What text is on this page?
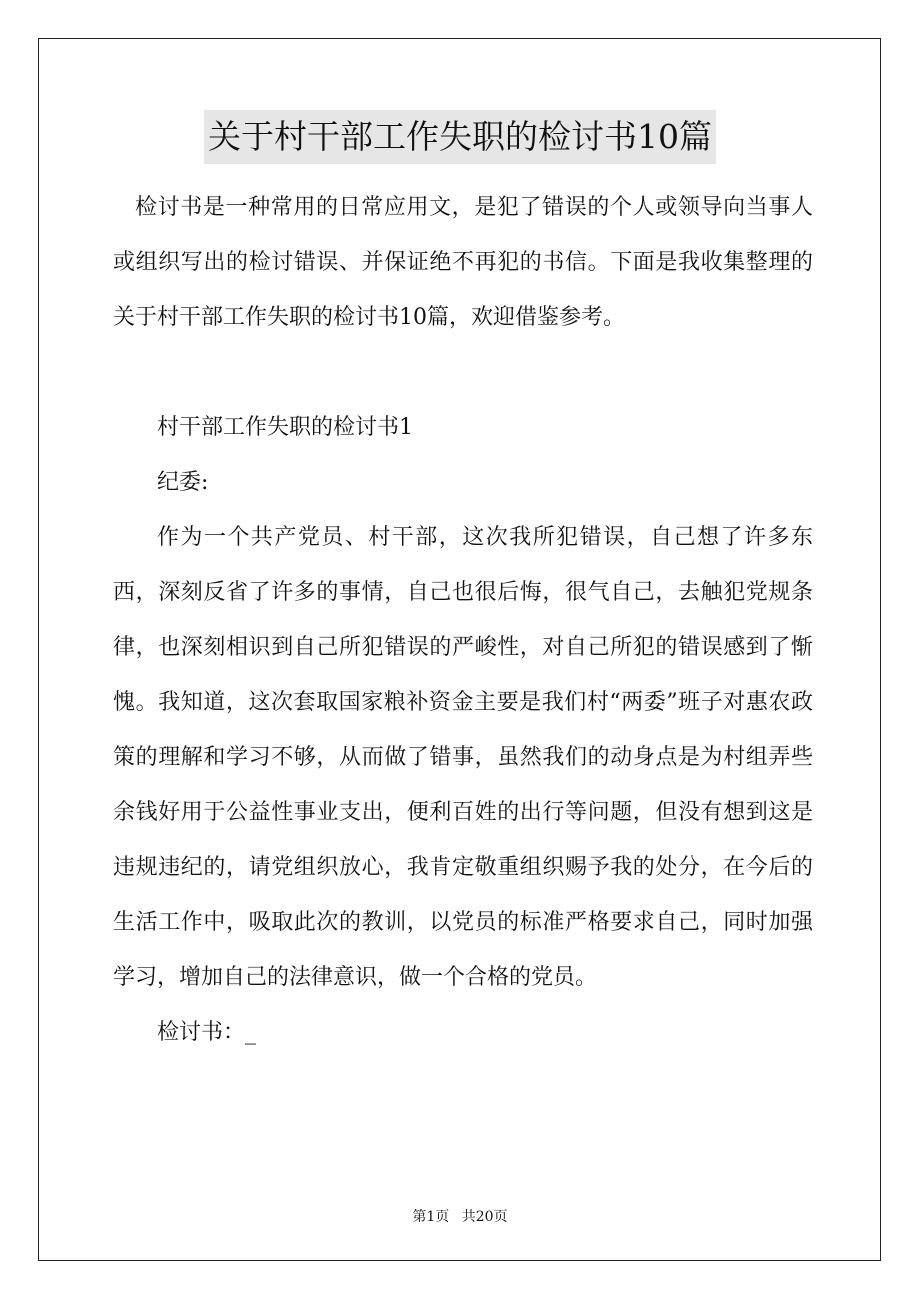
关于村干部工作失职的检讨书10篇

检讨书是一种常用的日常应用文，是犯了错误的个人或领导向当事人或组织写出的检讨错误、并保证绝不再犯的书信。下面是我收集整理的关于村干部工作失职的检讨书10篇，欢迎借鉴参考。

村干部工作失职的检讨书1

纪委:

作为一个共产党员、村干部，这次我所犯错误，自己想了许多东西，深刻反省了许多的事情，自己也很后悔，很气自己，去触犯党规条律，也深刻相识到自己所犯错误的严峻性，对自己所犯的错误感到了惭愧。我知道，这次套取国家粮补资金主要是我们村“两委”班子对惠农政策的理解和学习不够，从而做了错事，虽然我们的动身点是为村组弄些余钱好用于公益性事业支出，便利百姓的出行等问题，但没有想到这是违规违纪的，请党组织放心，我肯定敬重组织赐予我的处分，在今后的生活工作中，吸取此次的教训，以党员的标准严格要求自己，同时加强学习，增加自己的法律意识，做一个合格的党员。

检讨书：_

第1页 共20页
